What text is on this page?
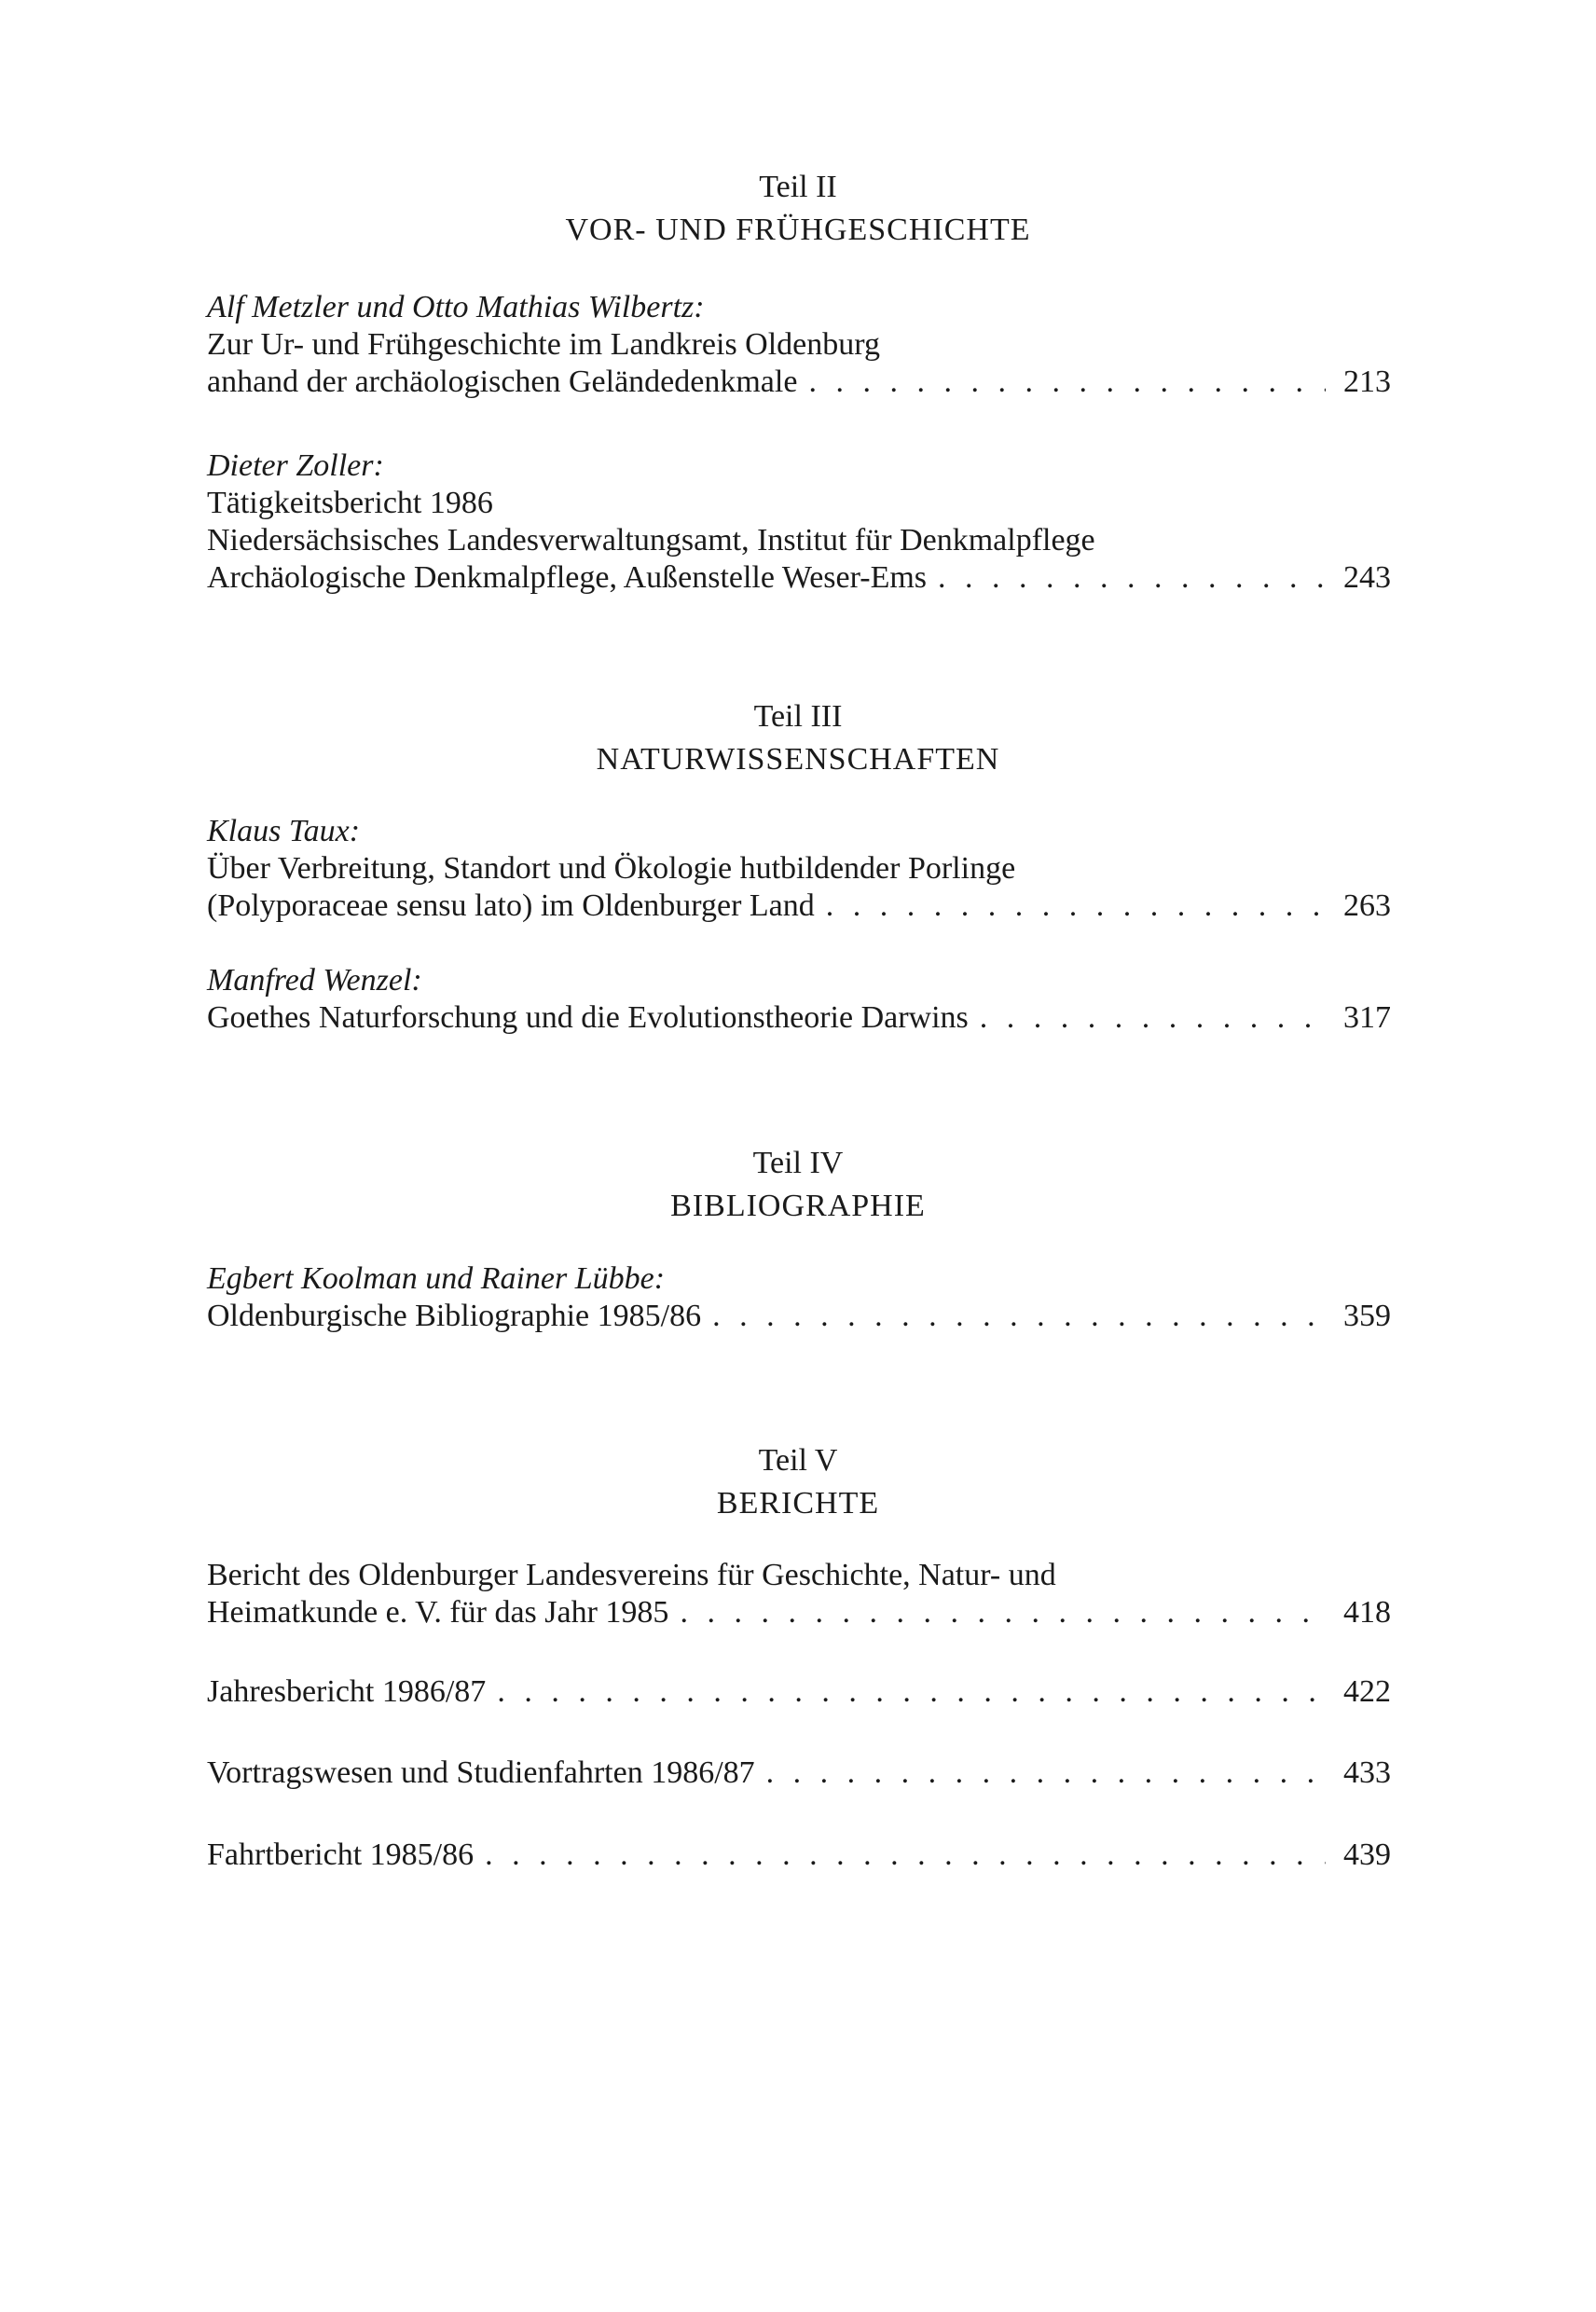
Teil II
VOR- UND FRÜHGESCHICHTE
Alf Metzler und Otto Mathias Wilbertz:
Zur Ur- und Frühgeschichte im Landkreis Oldenburg
anhand der archäologischen Geländedenkmale . . .	213
Dieter Zoller:
Tätigkeitsbericht 1986
Niedersächsisches Landesverwaltungsamt, Institut für Denkmalpflege
Archäologische Denkmalpflege, Außenstelle Weser-Ems . . .	243
Teil III
NATURWISSENSCHAFTEN
Klaus Taux:
Über Verbreitung, Standort und Ökologie hutbildender Porlinge
(Polyporaceae sensu lato) im Oldenburger Land . . .	263
Manfred Wenzel:
Goethes Naturforschung und die Evolutionstheorie Darwins . . .	317
Teil IV
BIBLIOGRAPHIE
Egbert Koolman und Rainer Lübbe:
Oldenburgische Bibliographie 1985/86 . . .	359
Teil V
BERICHTE
Bericht des Oldenburger Landesvereins für Geschichte, Natur- und
Heimatkunde e. V. für das Jahr 1985 . . .	418
Jahresbericht 1986/87 . . .	422
Vortragswesen und Studienfahrten 1986/87 . . .	433
Fahrtbericht 1985/86 . . .	439
